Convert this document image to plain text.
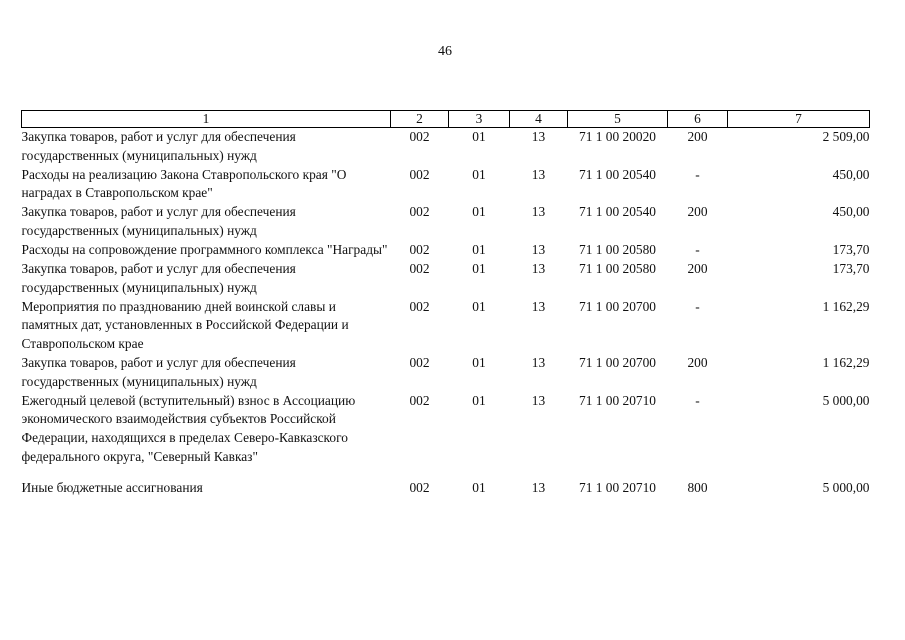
46
1	2	3	4	5	6	7
Закупка товаров, работ и услуг для обеспечения государственных (муниципальных) нужд	002	01	13	71 1 00 20020	200	2 509,00
Расходы на реализацию Закона Ставропольского края "О наградах в Ставропольском крае"	002	01	13	71 1 00 20540	-	450,00
Закупка товаров, работ и услуг для обеспечения государственных (муниципальных) нужд	002	01	13	71 1 00 20540	200	450,00
Расходы на сопровождение программного комплекса "Награды"	002	01	13	71 1 00 20580	-	173,70
Закупка товаров, работ и услуг для обеспечения государственных (муниципальных) нужд	002	01	13	71 1 00 20580	200	173,70
Мероприятия по празднованию дней воинской славы и памятных дат, установленных в Российской Федерации и Ставропольском крае	002	01	13	71 1 00 20700	-	1 162,29
Закупка товаров, работ и услуг для обеспечения государственных (муниципальных) нужд	002	01	13	71 1 00 20700	200	1 162,29
Ежегодный целевой (вступительный) взнос в Ассоциацию экономического взаимодействия субъектов Российской Федерации, находящихся в пределах Северо-Кавказского федерального округа, "Северный Кавказ"	002	01	13	71 1 00 20710	-	5 000,00
Иные бюджетные ассигнования	002	01	13	71 1 00 20710	800	5 000,00
